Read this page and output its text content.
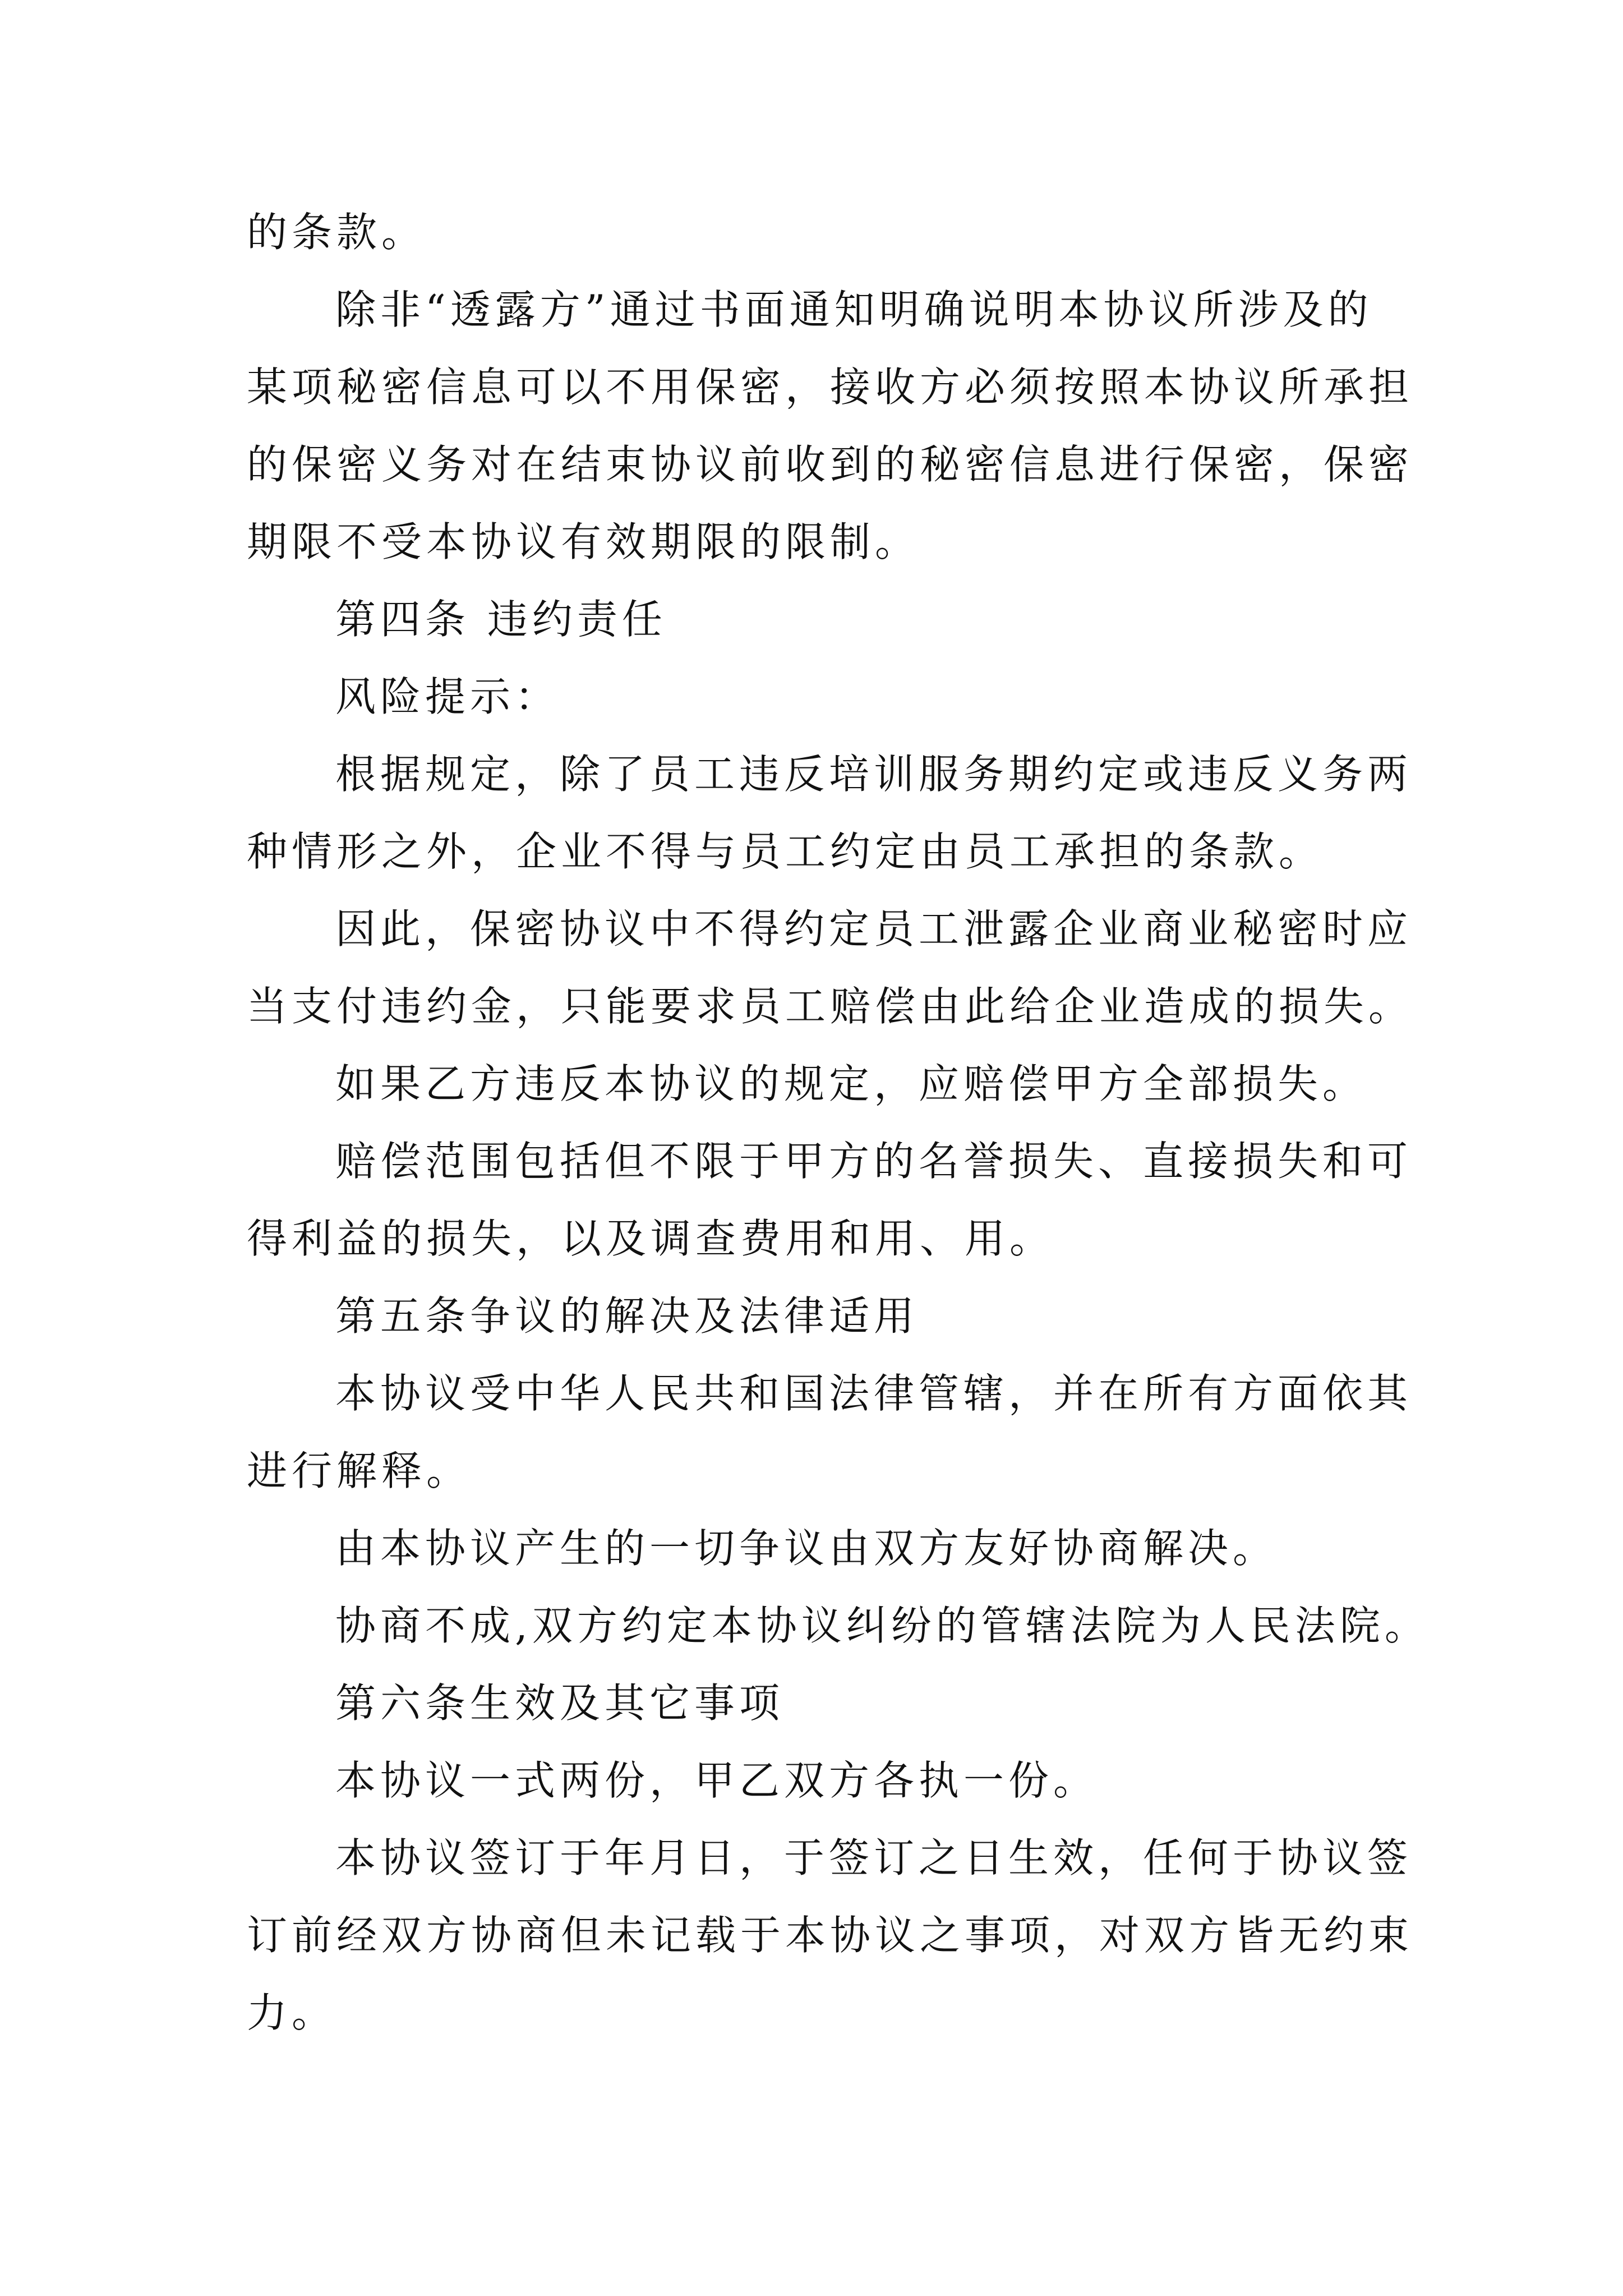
的条款。

除非“透露方”通过书面通知明确说明本协议所涉及的

某项秘密信息可以不用保密，接收方必须按照本协议所承担

的保密义务对在结束协议前收到的秘密信息进行保密，保密

期限不受本协议有效期限的限制。

第四条 违约责任

风险提示：

根据规定，除了员工违反培训服务期约定或违反义务两

种情形之外，企业不得与员工约定由员工承担的条款。

因此，保密协议中不得约定员工泄露企业商业秘密时应

当支付违约金，只能要求员工赔偿由此给企业造成的损失。

如果乙方违反本协议的规定，应赔偿甲方全部损失。

赔偿范围包括但不限于甲方的名誉损失、直接损失和可

得利益的损失，以及调查费用和用、用。

第五条争议的解决及法律适用

本协议受中华人民共和国法律管辖，并在所有方面依其

进行解释。

由本协议产生的一切争议由双方友好协商解决。

协商不成,双方约定本协议纠纷的管辖法院为人民法院。

第六条生效及其它事项

本协议一式两份，甲乙双方各执一份。

本协议签订于年月日，于签订之日生效，任何于协议签

订前经双方协商但未记载于本协议之事项，对双方皆无约束

力。
